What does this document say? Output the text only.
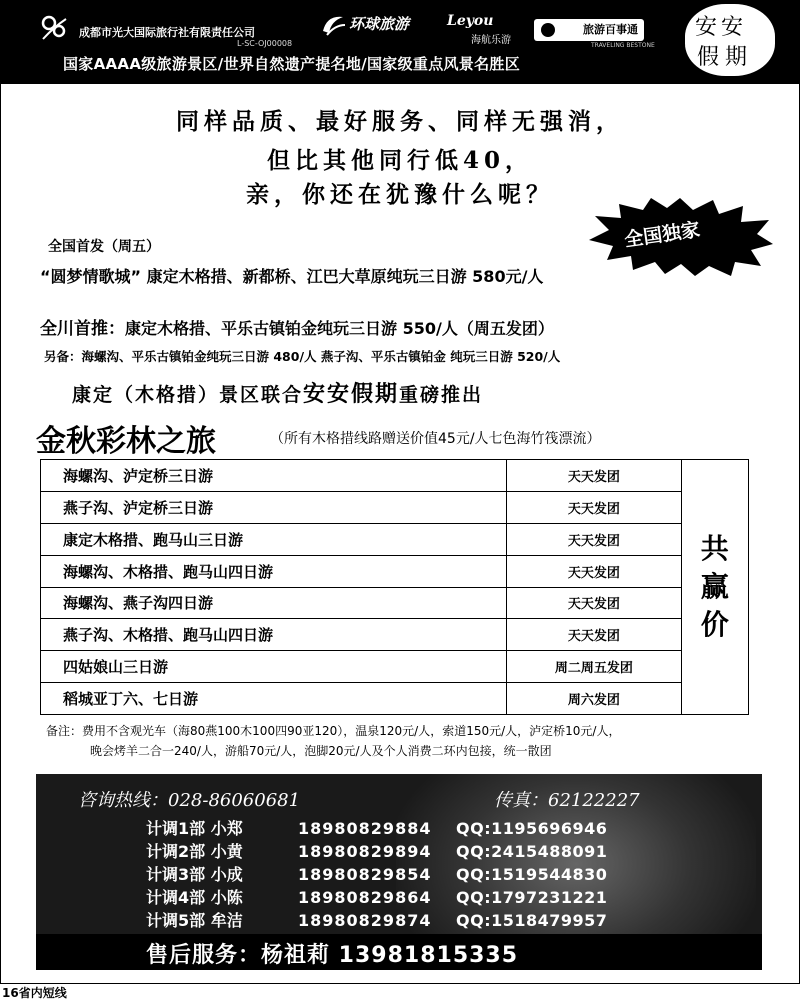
成都市光大国际旅行社有限责任公司
L-SC-OJ00008
环球旅游	Leyou
海航乐游
旅游百事通
TRAVELING BESTONE
安安
假期
国家AAAA级旅游景区/世界自然遗产提名地/国家级重点风景名胜区
同样品质、最好服务、同样无强消，
但比其他同行低40，
亲，你还在犹豫什么呢？
全国独家
全国首发（周五）
“圆梦情歌城” 康定木格措、新都桥、江巴大草原纯玩三日游 580元/人
全川首推：康定木格措、平乐古镇铂金纯玩三日游 550/人（周五发团）
另备：海螺沟、平乐古镇铂金纯玩三日游 480/人 燕子沟、平乐古镇铂金 纯玩三日游 520/人
康定（木格措）景区联合安安假期重磅推出
金秋彩林之旅	（所有木格措线路赠送价值45元/人七色海竹筏漂流）
海螺沟、泸定桥三日游	天天发团	共
赢
价

燕子沟、泸定桥三日游	天天发团	
康定木格措、跑马山三日游	天天发团	
海螺沟、木格措、跑马山四日游	天天发团	
海螺沟、燕子沟四日游	天天发团	
燕子沟、木格措、跑马山四日游	天天发团	
四姑娘山三日游	周二周五发团	
稻城亚丁六、七日游	周六发团	
备注：费用不含观光车（海80燕100木100四90亚120），温泉120元/人，索道150元/人，泸定桥10元/人，
晚会烤羊二合一240/人，游船70元/人，泡脚20元/人及个人消费二环内包接，统一散团
咨询热线：028-86060681	传真：62122227
计调1部 小郑	18980829884 QQ:1195696946
计调2部 小黄	18980829894 QQ:2415488091
计调3部 小成	18980829854 QQ:1519544830
计调4部 小陈	18980829864 QQ:1797231221
计调5部 牟洁	18980829874 QQ:1518479957
售后服务：杨祖莉 13981815335
16省内短线
